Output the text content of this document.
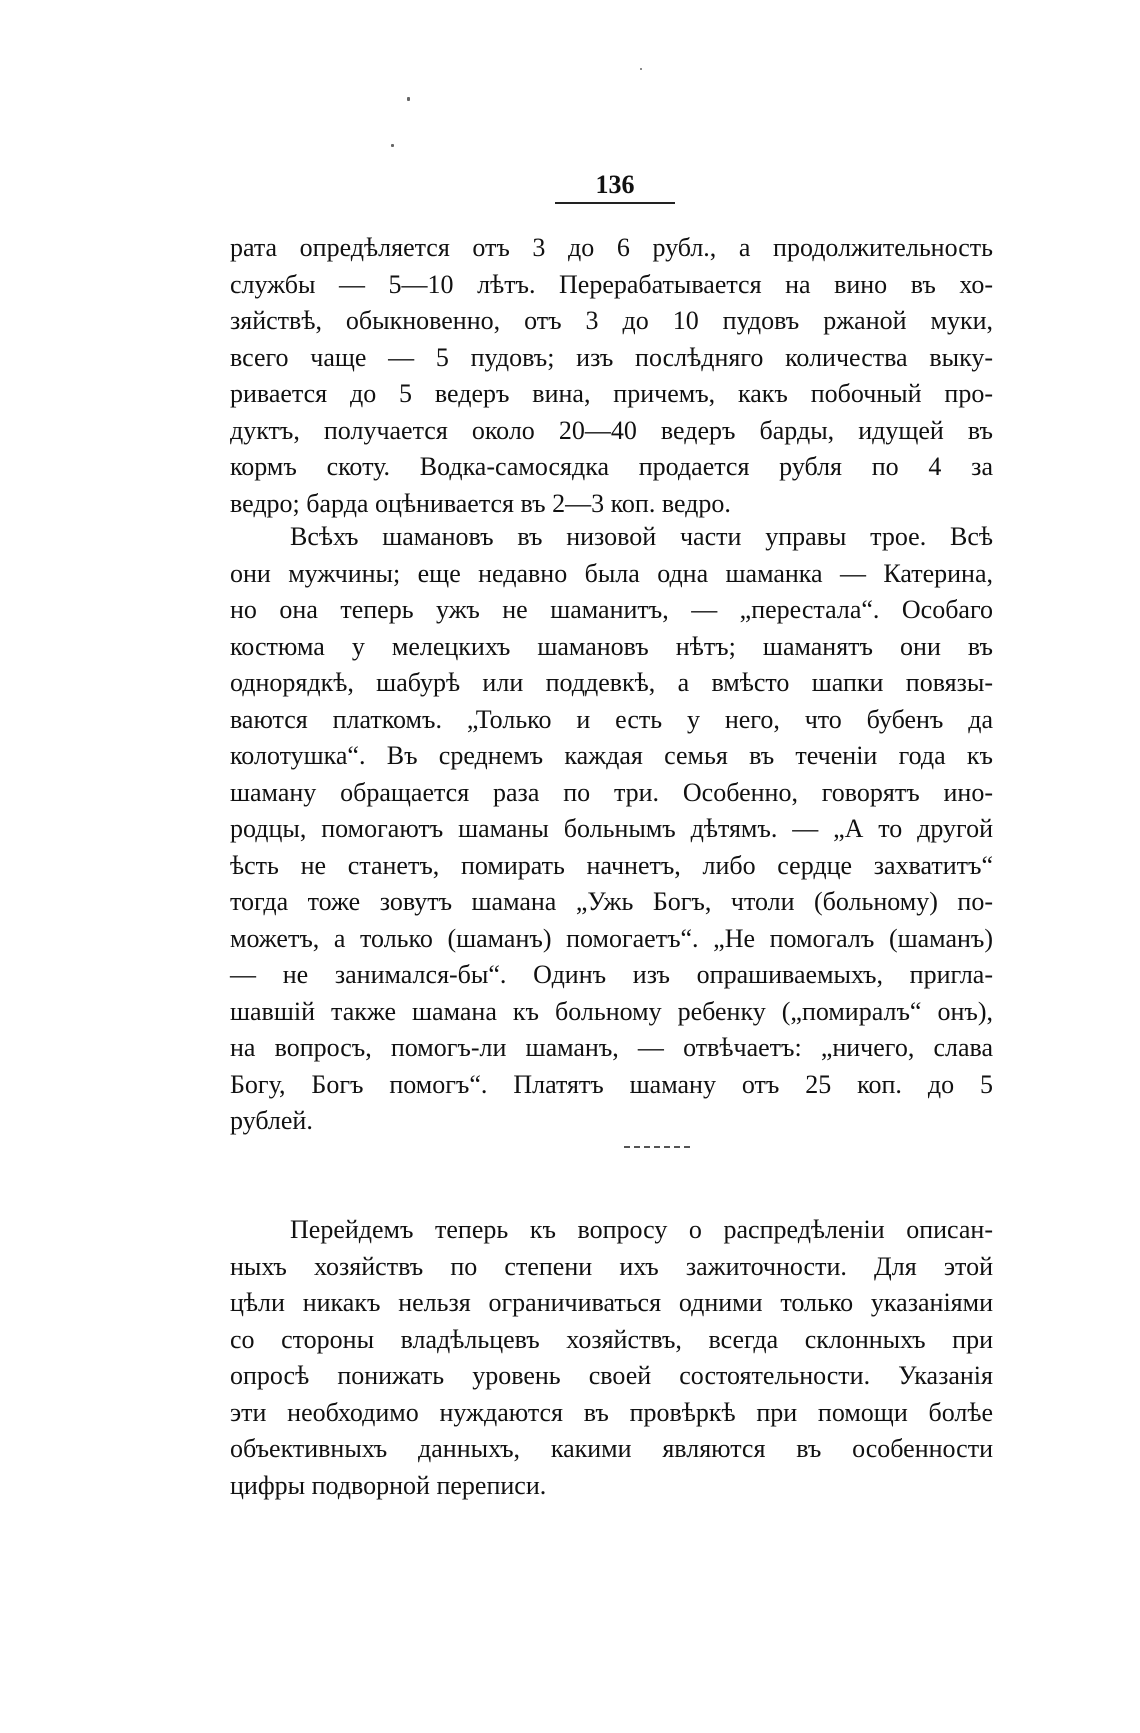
136
рата опредѣляется отъ 3 до 6 рубл., а продолжительность
службы — 5—10 лѣтъ. Перерабатывается на вино въ хо-
зяйствѣ, обыкновенно, отъ 3 до 10 пудовъ ржаной муки,
всего чаще — 5 пудовъ; изъ послѣдняго количества выку-
ривается до 5 ведеръ вина, причемъ, какъ побочный про-
дуктъ, получается около 20—40 ведеръ барды, идущей въ
кормъ скоту. Водка-самосядка продается рубля по 4 за
ведро; барда оцѣнивается въ 2—3 коп. ведро.
Всѣхъ шамановъ въ низовой части управы трое. Всѣ
они мужчины; еще недавно была одна шаманка — Катерина,
но она теперь ужъ не шаманитъ, — „перестала“. Особаго
костюма у мелецкихъ шамановъ нѣтъ; шаманятъ они въ
однорядкѣ, шабурѣ или поддевкѣ, а вмѣсто шапки повязы-
ваются платкомъ. „Только и есть у него, что бубенъ да
колотушка“. Въ среднемъ каждая семья въ теченіи года къ
шаману обращается раза по три. Особенно, говорятъ ино-
родцы, помогаютъ шаманы больнымъ дѣтямъ. — „А то другой
ѣсть не станетъ, помирать начнетъ, либо сердце захватитъ“
тогда тоже зовутъ шамана „Ужь Богъ, чтоли (больному) по-
можетъ, а только (шаманъ) помогаетъ“. „Не помогалъ (шаманъ)
— не занимался-бы“. Одинъ изъ опрашиваемыхъ, пригла-
шавшій также шамана къ больному ребенку („помиралъ“ онъ),
на вопросъ, помогъ-ли шаманъ, — отвѣчаетъ: „ничего, слава
Богу, Богъ помогъ“. Платятъ шаману отъ 25 коп. до 5
рублей.
Перейдемъ теперь къ вопросу о распредѣленіи описан-
ныхъ хозяйствъ по степени ихъ зажиточности. Для этой
цѣли никакъ нельзя ограничиваться одними только указаніями
со стороны владѣльцевъ хозяйствъ, всегда склонныхъ при
опросѣ понижать уровень своей состоятельности. Указанія
эти необходимо нуждаются въ провѣркѣ при помощи болѣе
объективныхъ данныхъ, какими являются въ особенности
цифры подворной переписи.
